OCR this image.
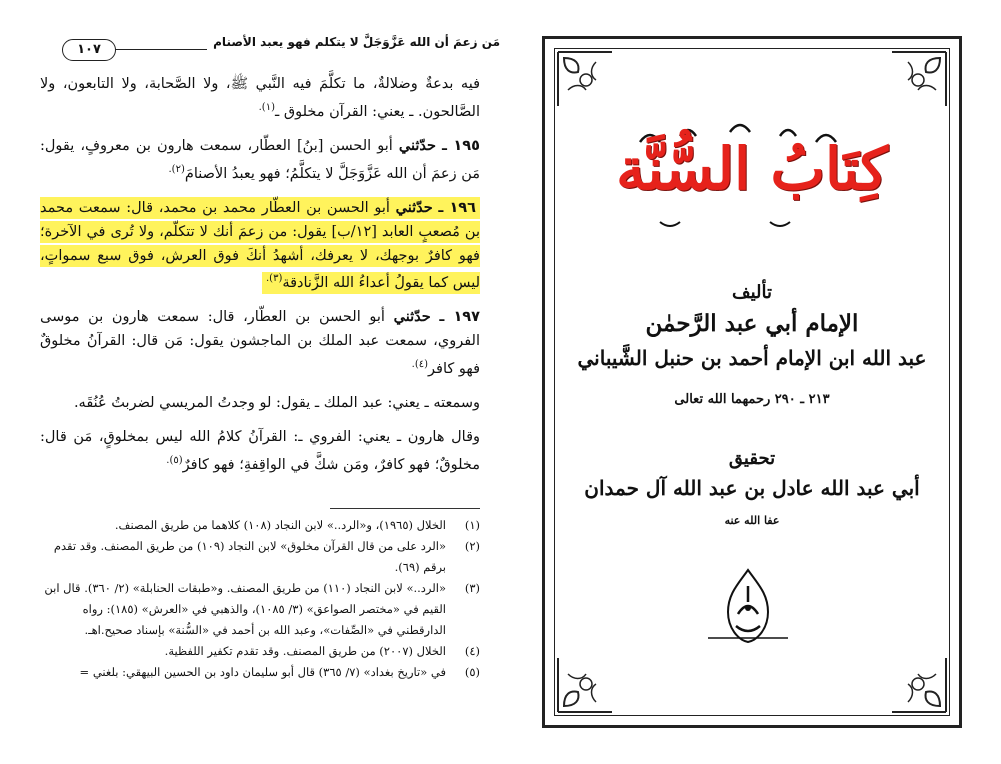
١٠٧	مَن زعمَ أن الله عَزَّوَجَلَّ لا يتكلم فهو يعبد الأصنام

فيه بدعةٌ وضلالةٌ، ما تكلَّمَ فيه النَّبي ﷺ، ولا الصَّحابة، ولا التابعون، ولا الصَّالحون. ـ يعني: القرآن مخلوق ـ$^{(١).}$

١٩٥ ـ حدّثني أبو الحسن [بنُ] العطّار، سمعت هارون بن معروفٍ، يقول: مَن زعمَ أن الله عَزَّوَجَلَّ لا يتكلَّمُ؛ فهو يعبدُ الأصنامَ$^{(٢).}$

١٩٦ ـ حدّثني أبو الحسن بن العطّار محمد بن محمد، قال: سمعت محمد بن مُصعبٍ العابد [١٢/ب] يقول: من زعمَ أنك لا تتكلّم، ولا تُرى في الآخرة؛ فهو كافرٌ بوجهك، لا يعرفك، أشهدُ أنكَ فوق العرش، فوق سبع سمواتٍ، ليس كما يقولُ أعداءُ الله الزَّنادقة$^{(٣).}$

١٩٧ ـ حدّثني أبو الحسن بن العطّار، قال: سمعت هارون بن موسى الفروي، سمعت عبد الملك بن الماجشون يقول: مَن قال: القرآنُ مخلوقٌ فهو كافر$^{(٤).}$

وسمعته ـ يعني: عبد الملك ـ يقول: لو وجدتُ المريسي لضربتُ عُنُقَه.

وقال هارون ـ يعني: الفروي ـ: القرآنُ كلامُ الله ليس بمخلوقٍ، مَن قال: مخلوقٌ؛ فهو كافرٌ، ومَن شكَّ في الواقِفةِ؛ فهو كافرٌ$^{(٥).}$

(١)
الخلال (١٩٦٥)، و«الرد..» لابن النجاد (١٠٨) كلاهما من طريق المصنف.
(٢)
«الرد على من قال القرآن مخلوق» لابن النجاد (١٠٩) من طريق المصنف. وقد تقدم برقم (٦٩).
(٣)
«الرد..» لابن النجاد (١١٠) من طريق المصنف. و«طبقات الحنابلة» (٢/ ٣٦٠). قال ابن القيم في «مختصر الصواعق» (٣/ ١٠٨٥)، والذهبي في «العرش» (١٨٥): رواه الدارقطني في «الصِّفات»، وعبد الله بن أحمد في «السُّنة» بإسناد صحيح.اهـ.
(٤)
الخلال (٢٠٠٧) من طريق المصنف. وقد تقدم تكفير اللفظية.
(٥)
في «تاريخ بغداد» (٧/ ٣٦٥) قال أبو سليمان داود بن الحسين البيهقي: بلغني =
كِتَابُ السُّنَّة
تأليف
الإمام أبي عبد الرَّحمٰن
عبد الله ابن الإمام أحمد بن حنبل الشَّيباني
٢١٣ ـ ٢٩٠ رحمهما الله تعالى
تحقيق
أبي عبد الله عادل بن عبد الله آل حمدان
عفا الله عنه
